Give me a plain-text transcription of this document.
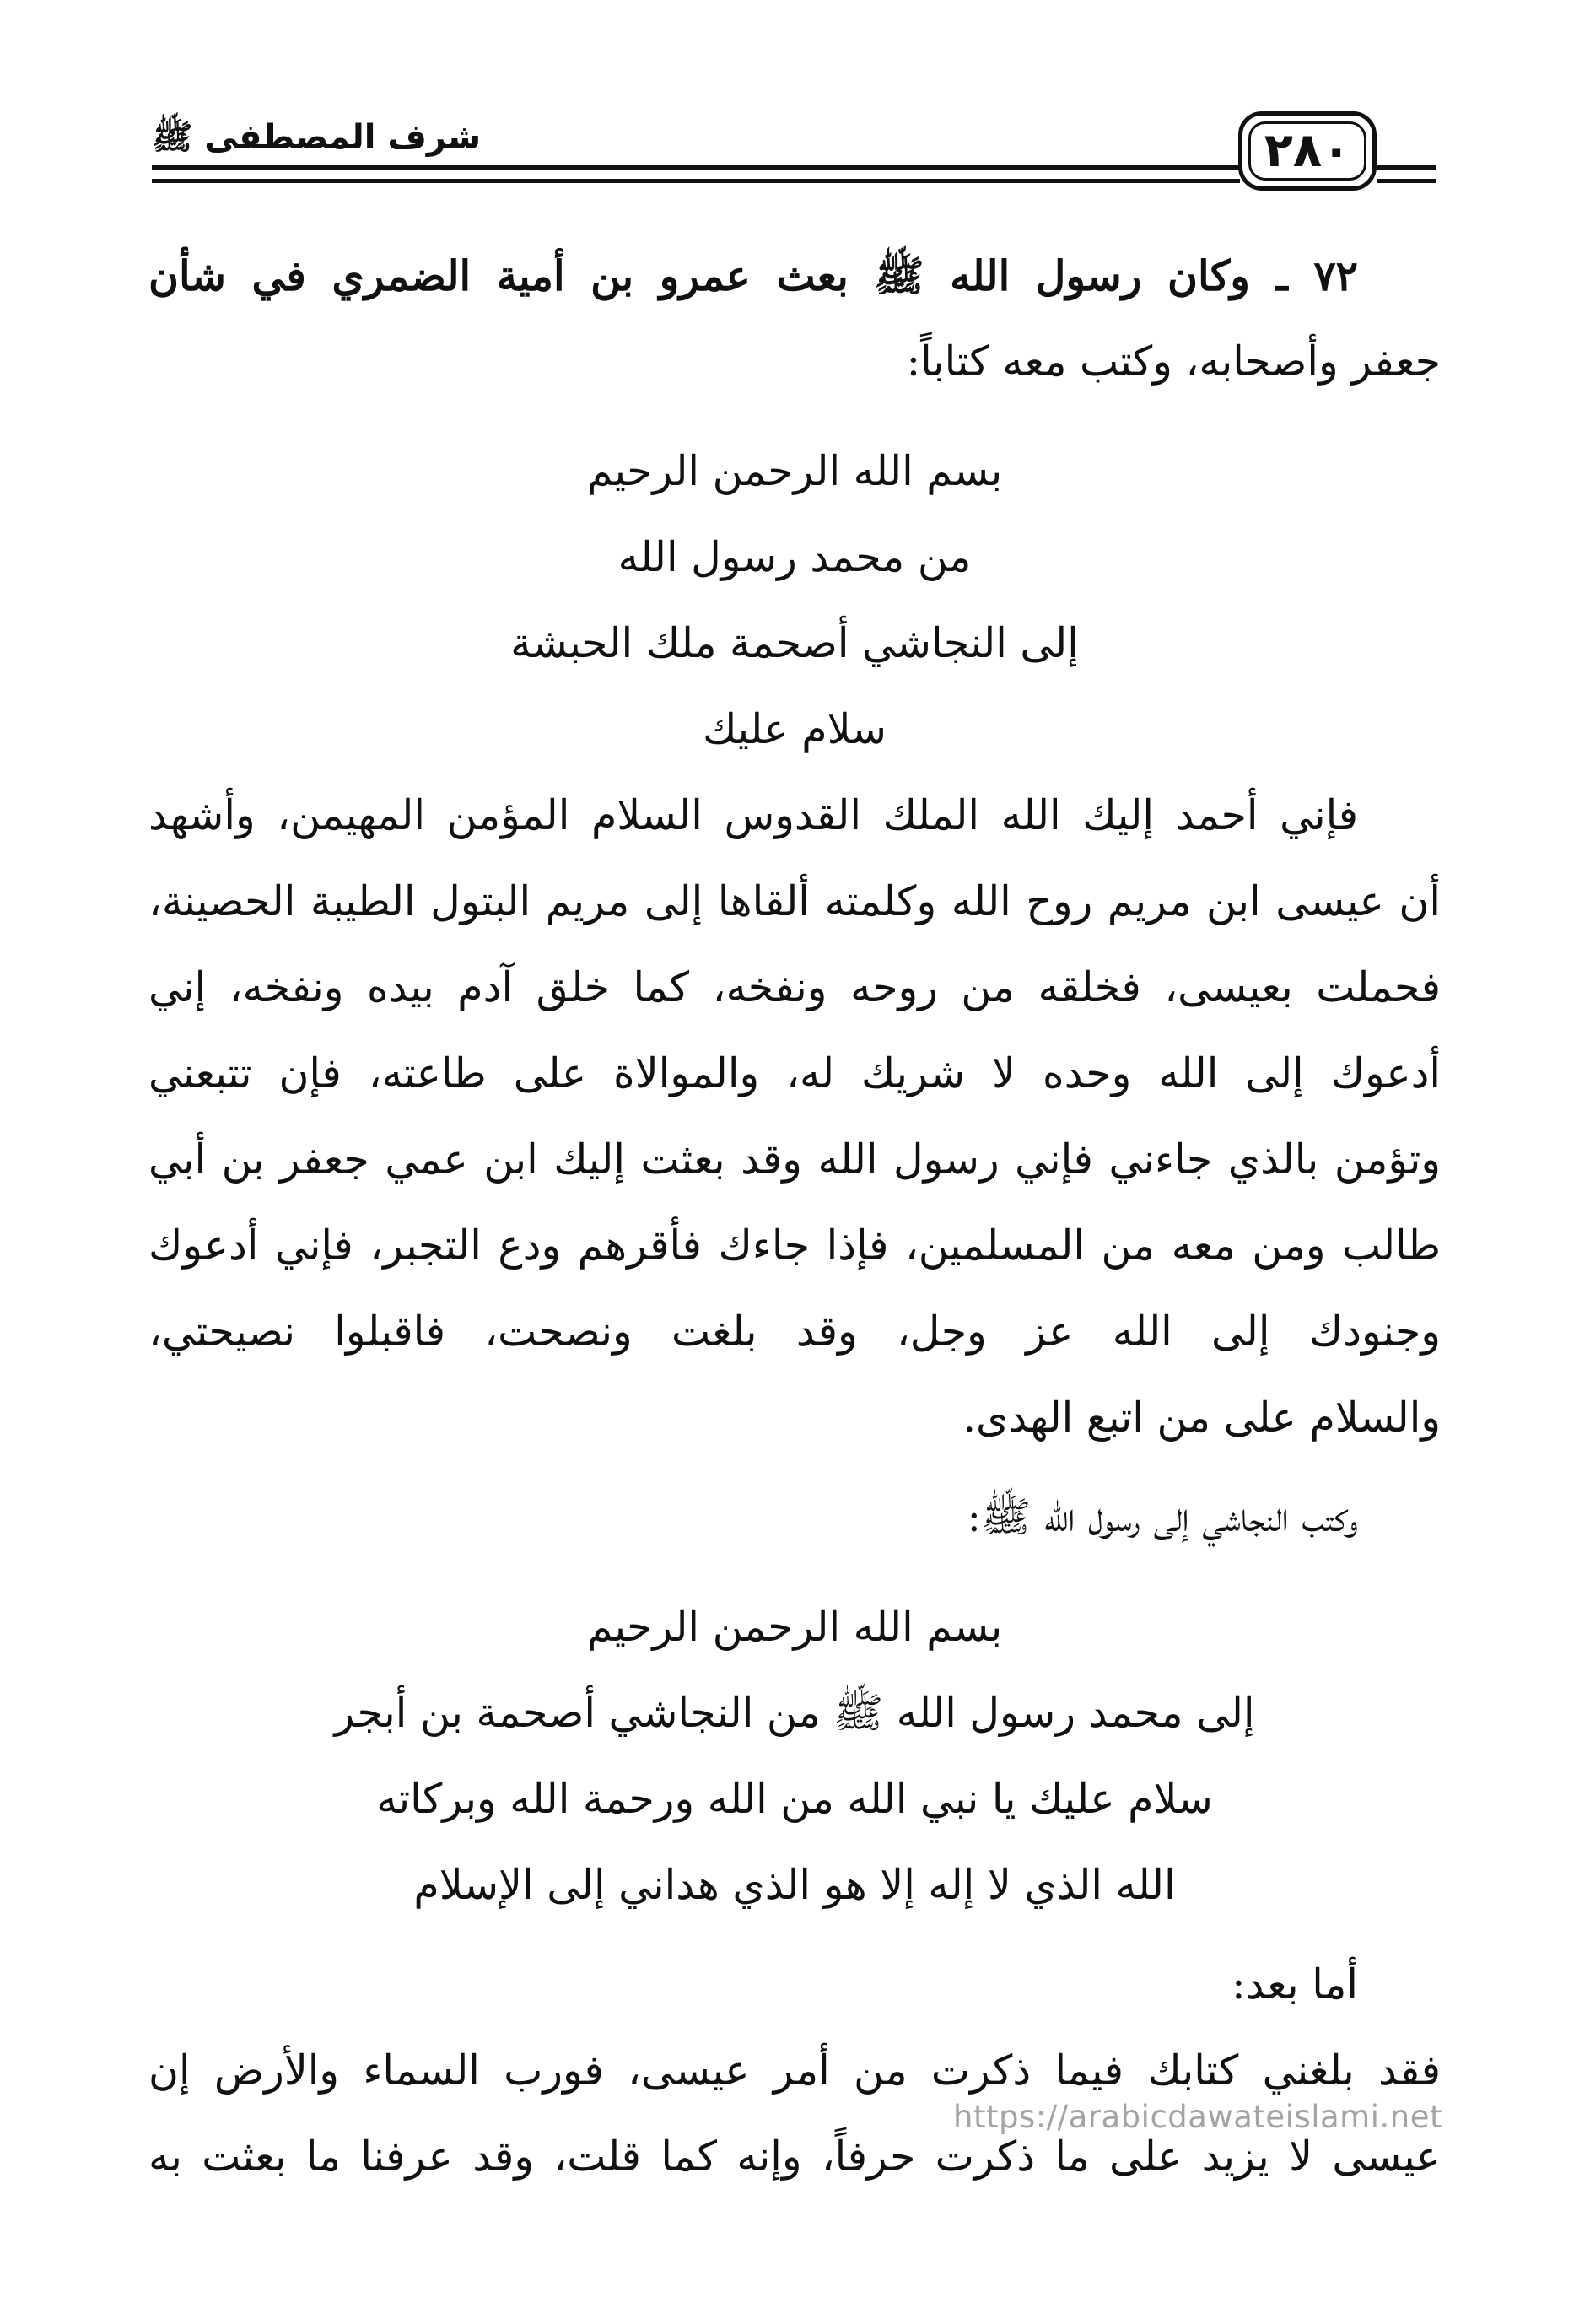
٢٨٠
شرف المصطفى ﷺ
٧٢ ـ وكان رسول الله ﷺ بعث عمرو بن أمية الضمري في شأن
جعفر وأصحابه، وكتب معه كتاباً:
بسم الله الرحمن الرحيم
من محمد رسول الله
إلى النجاشي أصحمة ملك الحبشة
سلام عليك
فإني أحمد إليك الله الملك القدوس السلام المؤمن المهيمن، وأشهد
أن عيسى ابن مريم روح الله وكلمته ألقاها إلى مريم البتول الطيبة الحصينة،
فحملت بعيسى، فخلقه من روحه ونفخه، كما خلق آدم بيده ونفخه، إني
أدعوك إلى الله وحده لا شريك له، والموالاة على طاعته، فإن تتبعني
وتؤمن بالذي جاءني فإني رسول الله وقد بعثت إليك ابن عمي جعفر بن أبي
طالب ومن معه من المسلمين، فإذا جاءك فأقرهم ودع التجبر، فإني أدعوك
وجنودك إلى الله عز وجل، وقد بلغت ونصحت، فاقبلوا نصيحتي،
والسلام على من اتبع الهدى.
وكتب النجاشي إلى رسول الله ﷺ:
بسم الله الرحمن الرحيم
إلى محمد رسول الله ﷺ من النجاشي أصحمة بن أبجر
سلام عليك يا نبي الله من الله ورحمة الله وبركاته
الله الذي لا إله إلا هو الذي هداني إلى الإسلام
أما بعد:
فقد بلغني كتابك فيما ذكرت من أمر عيسى، فورب السماء والأرض إن
عيسى لا يزيد على ما ذكرت حرفاً، وإنه كما قلت، وقد عرفنا ما بعثت به
https://arabicdawateislami.net
